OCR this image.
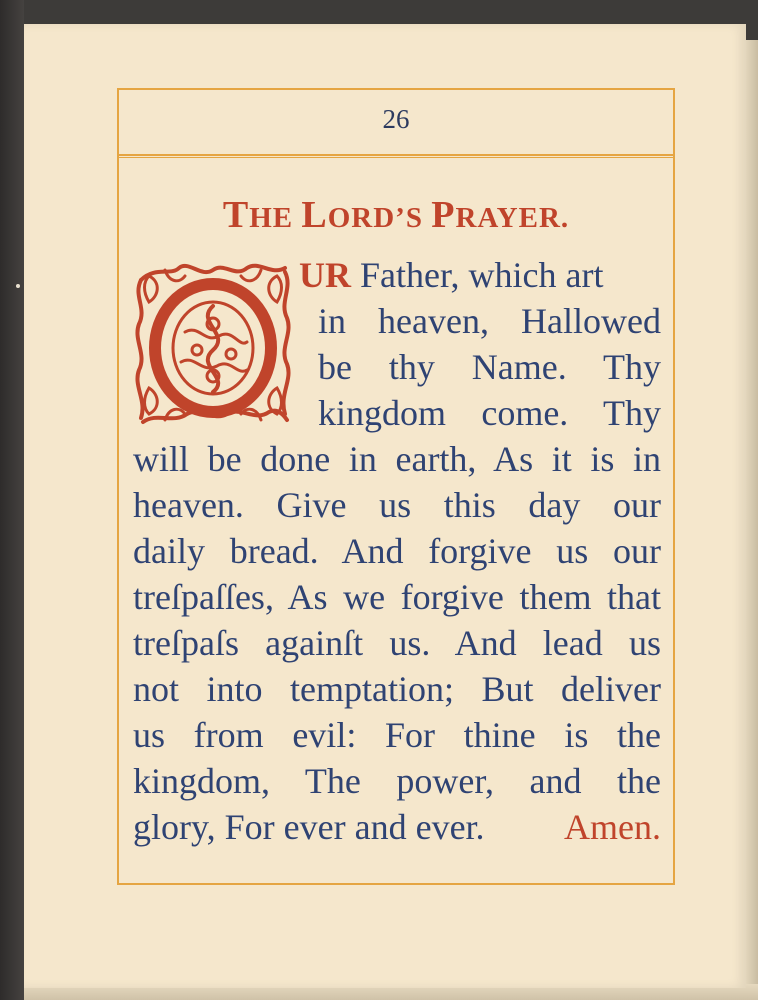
26
THE LORD’S PRAYER.
UR Father, which art
in heaven, Hallowed
be thy Name. Thy
kingdom come. Thy
will be done in earth, As it is in
heaven. Give us this day our
daily bread. And forgive us our
treſpaſſes, As we forgive them that
treſpaſs againſt us. And lead us
not into temptation; But deliver
us from evil: For thine is the
kingdom, The power, and the
glory, For ever and ever. Amen.
